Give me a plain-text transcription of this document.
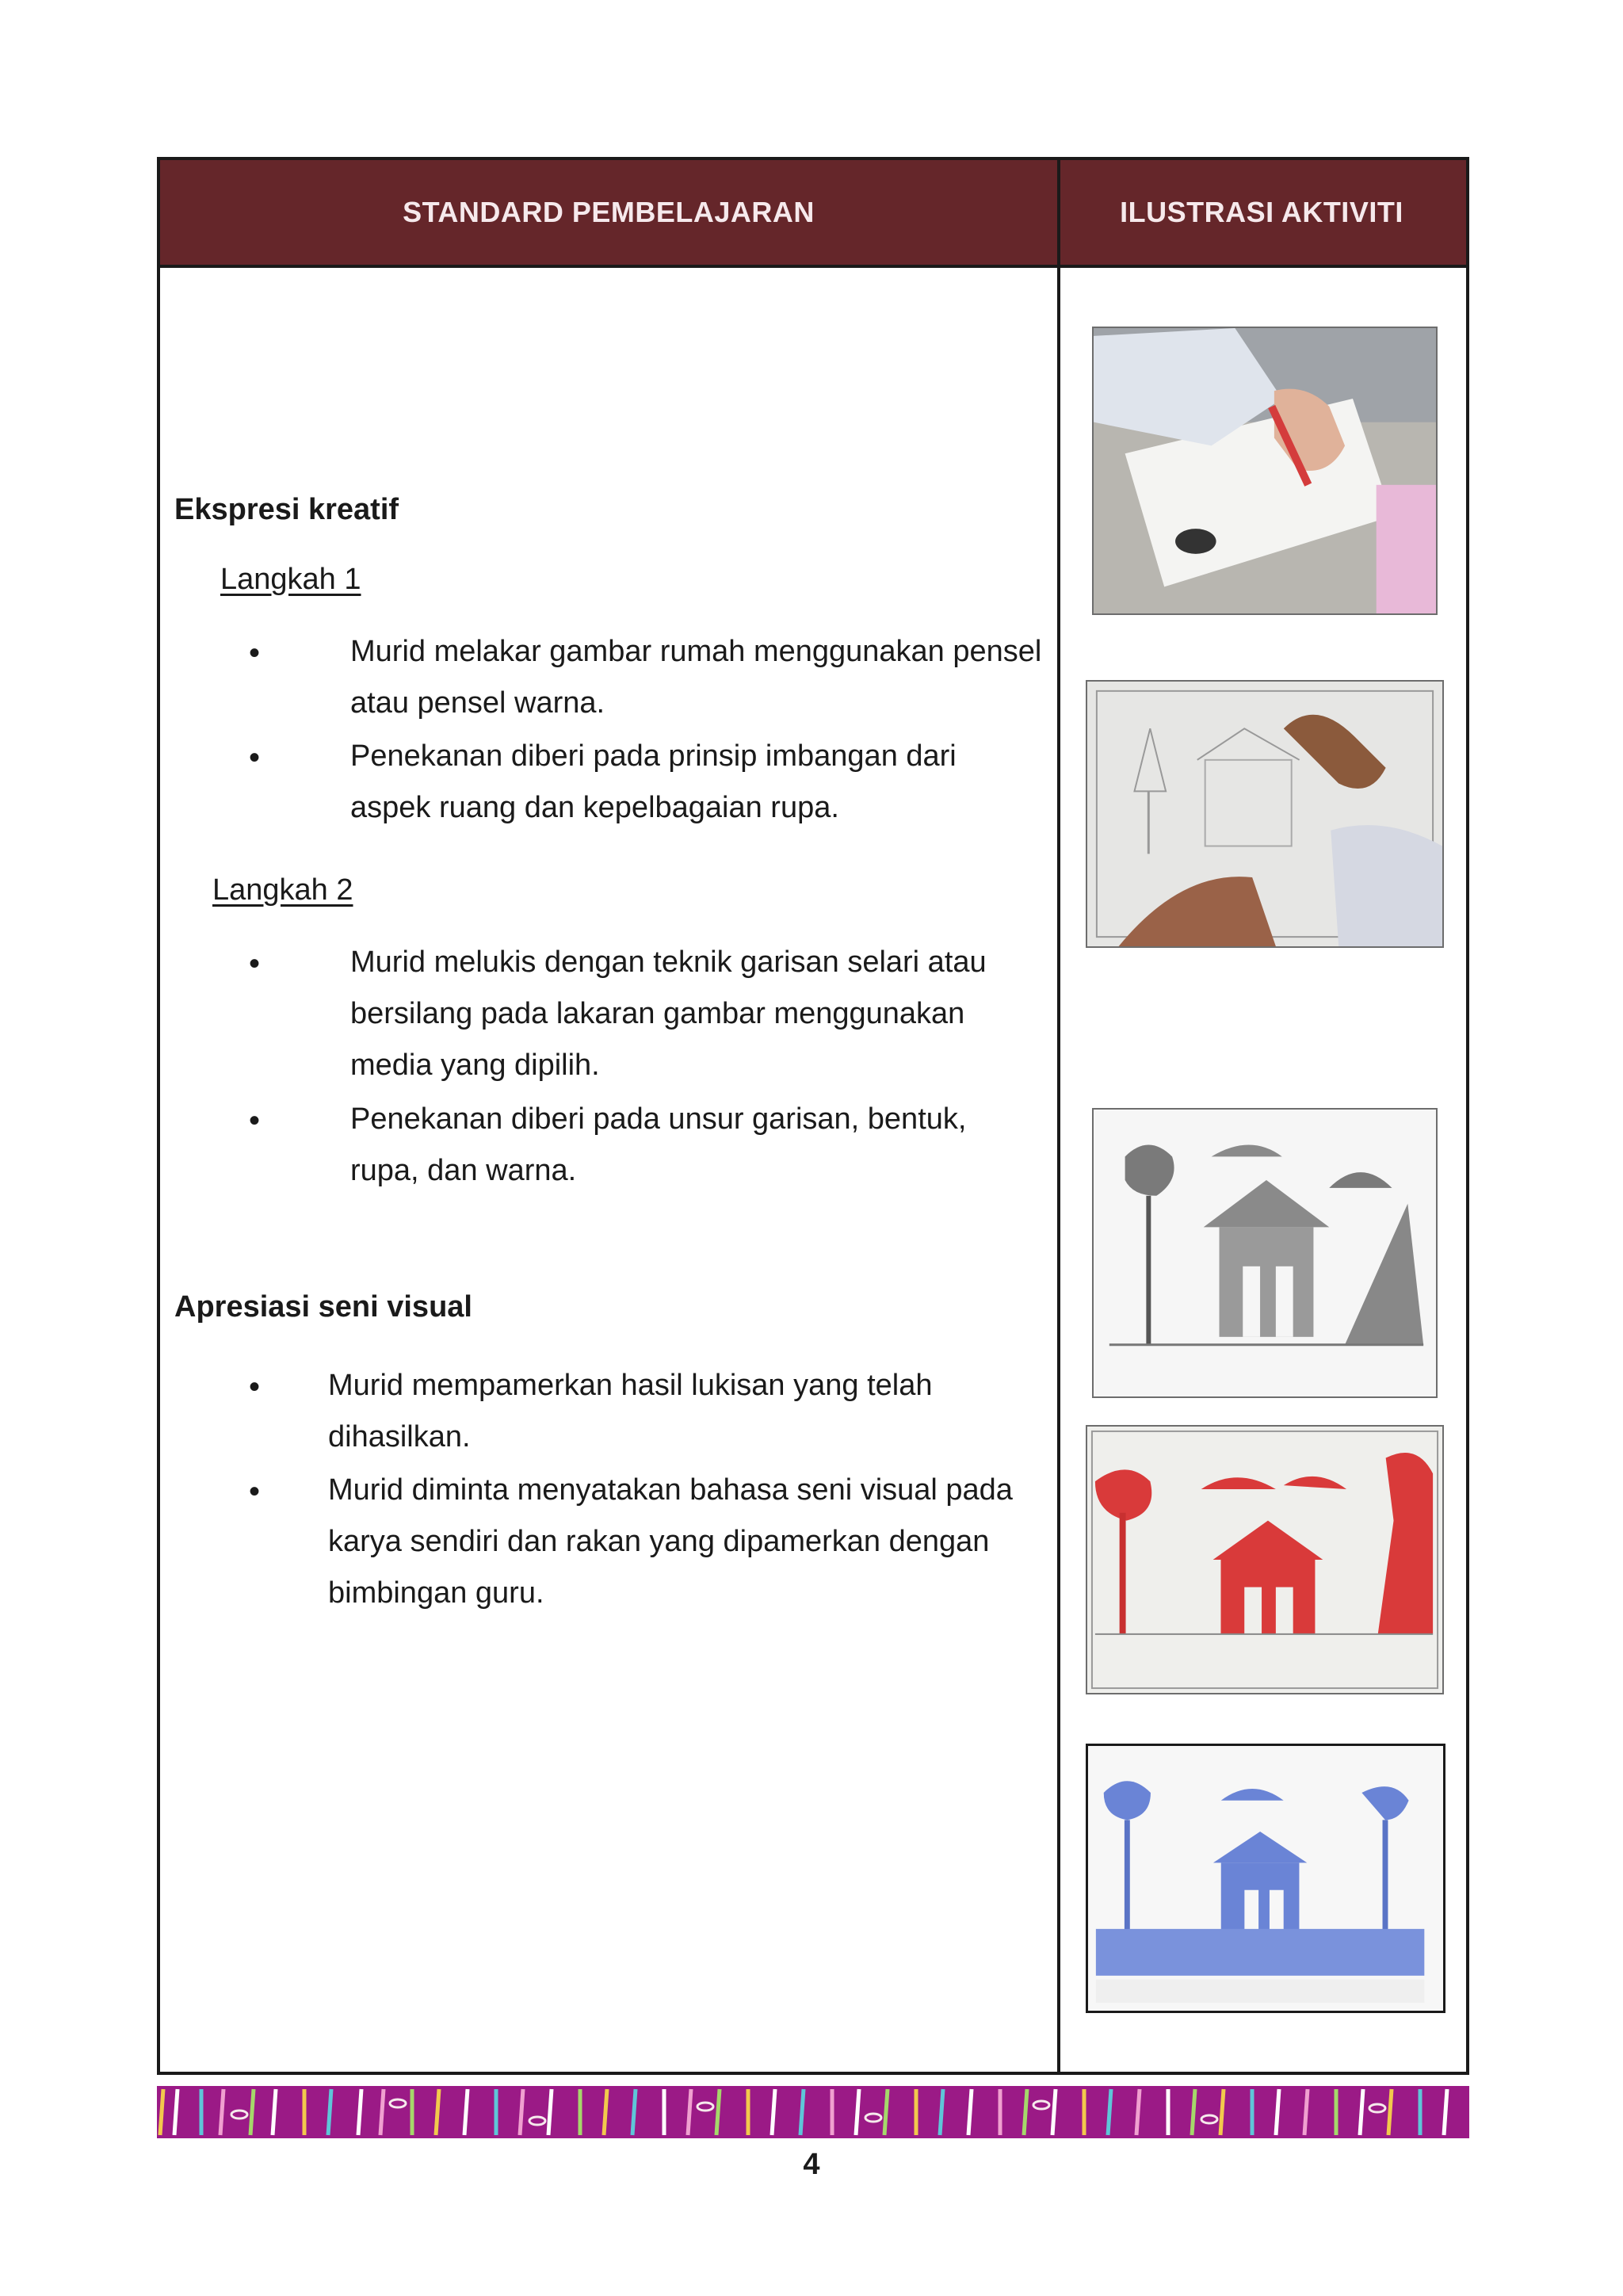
STANDARD PEMBELAJARAN	ILUSTRASI AKTIVITI
Ekspresi kreatif
Langkah 1
•	Murid melakar gambar rumah menggunakan pensel atau pensel warna.
•	Penekanan diberi pada prinsip imbangan dari aspek ruang dan kepelbagaian rupa.
Langkah 2
•	Murid melukis dengan teknik garisan selari atau bersilang pada lakaran gambar menggunakan media yang dipilih.
•	Penekanan diberi pada unsur garisan, bentuk, rupa, dan warna.
Apresiasi seni visual
• Murid mempamerkan hasil lukisan yang telah dihasilkan.
• Murid diminta menyatakan bahasa seni visual pada karya sendiri dan rakan yang dipamerkan dengan bimbingan guru.
4
